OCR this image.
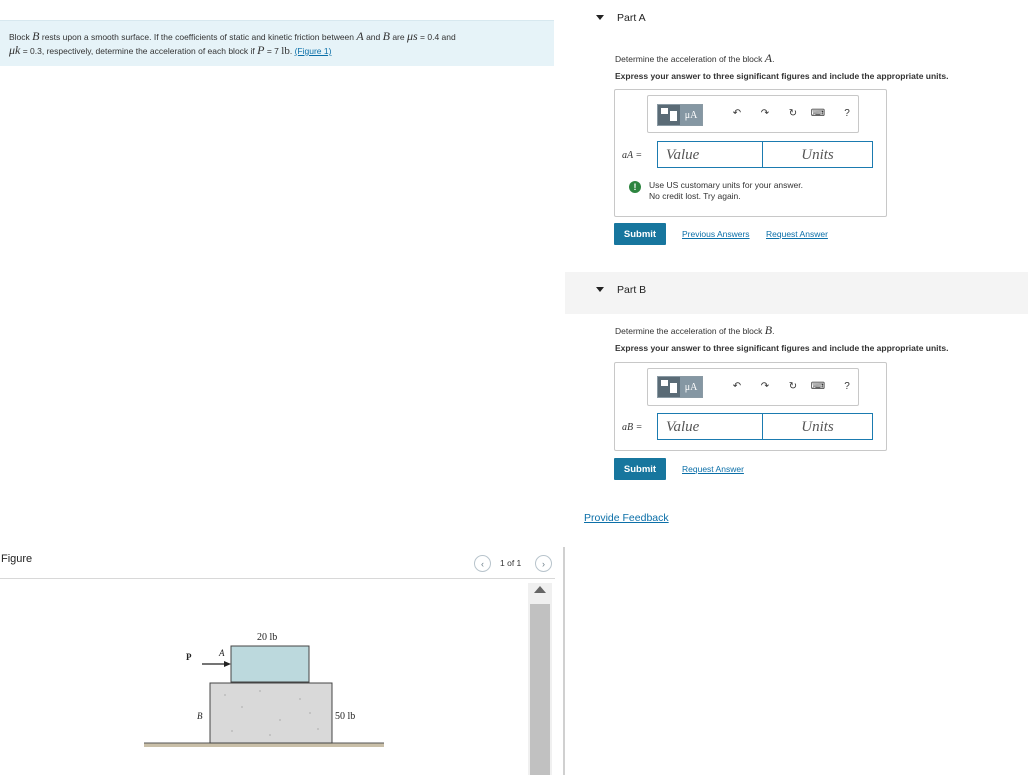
Block B rests upon a smooth surface. If the coefficients of static and kinetic friction between A and B are μs = 0.4 and
μk = 0.3, respectively, determine the acceleration of each block if P = 7 lb. (Figure 1)

Figure	‹	1 of 1	›
P	A
B
20 lb
50 lb
Part A
Determine the acceleration of the block A.
Express your answer to three significant figures and include the appropriate units.
μA	↶ ↷ ↻ ⌨	?
aA =	Value	Units
!	Use US customary units for your answer.
No credit lost. Try again.
Submit	Previous Answers Request Answer
Part B
Determine the acceleration of the block B.
Express your answer to three significant figures and include the appropriate units.
μA	↶ ↷ ↻ ⌨	?
aB =	Value	Units
Submit	Request Answer
Provide Feedback
